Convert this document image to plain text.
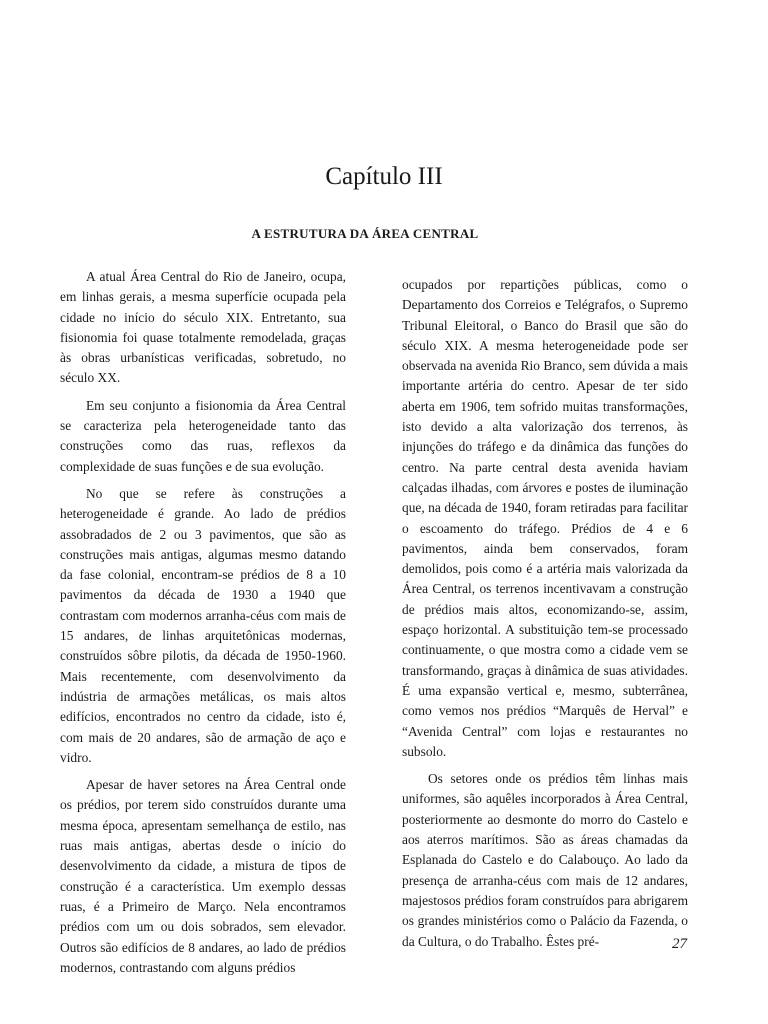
Capítulo III
A ESTRUTURA DA ÁREA CENTRAL

A atual Área Central do Rio de Janeiro, ocupa, em linhas gerais, a mesma superfície ocupada pela cidade no início do século XIX. Entretanto, sua fisionomia foi quase totalmente remodelada, graças às obras urbanísticas verificadas, sobretudo, no século XX.

Em seu conjunto a fisionomia da Área Central se caracteriza pela heterogeneidade tanto das construções como das ruas, reflexos da complexidade de suas funções e de sua evolução.

No que se refere às construções a heterogeneidade é grande. Ao lado de prédios assobradados de 2 ou 3 pavimentos, que são as construções mais antigas, algumas mesmo datando da fase colonial, encontram-se prédios de 8 a 10 pavimentos da década de 1930 a 1940 que contrastam com modernos arranha-céus com mais de 15 andares, de linhas arquitetônicas modernas, construídos sôbre pilotis, da década de 1950-1960. Mais recentemente, com desenvolvimento da indústria de armações metálicas, os mais altos edifícios, encontrados no centro da cidade, isto é, com mais de 20 andares, são de armação de aço e vidro.

Apesar de haver setores na Área Central onde os prédios, por terem sido construídos durante uma mesma época, apresentam semelhança de estilo, nas ruas mais antigas, abertas desde o início do desenvolvimento da cidade, a mistura de tipos de construção é a característica. Um exemplo dessas ruas, é a Primeiro de Março. Nela encontramos prédios com um ou dois sobrados, sem elevador. Outros são edifícios de 8 andares, ao lado de prédios modernos, contrastando com alguns prédios

ocupados por repartições públicas, como o Departamento dos Correios e Telégrafos, o Supremo Tribunal Eleitoral, o Banco do Brasil que são do século XIX. A mesma heterogeneidade pode ser observada na avenida Rio Branco, sem dúvida a mais importante artéria do centro. Apesar de ter sido aberta em 1906, tem sofrido muitas transformações, isto devido a alta valorização dos terrenos, às injunções do tráfego e da dinâmica das funções do centro. Na parte central desta avenida haviam calçadas ilhadas, com árvores e postes de iluminação que, na década de 1940, foram retiradas para facilitar o escoamento do tráfego. Prédios de 4 e 6 pavimentos, ainda bem conservados, foram demolidos, pois como é a artéria mais valorizada da Área Central, os terrenos incentivavam a construção de prédios mais altos, economizando-se, assim, espaço horizontal. A substituição tem-se processado continuamente, o que mostra como a cidade vem se transformando, graças à dinâmica de suas atividades. É uma expansão vertical e, mesmo, subterrânea, como vemos nos prédios “Marquês de Herval” e “Avenida Central” com lojas e restaurantes no subsolo.

Os setores onde os prédios têm linhas mais uniformes, são aquêles incorporados à Área Central, posteriormente ao desmonte do morro do Castelo e aos aterros marítimos. São as áreas chamadas da Esplanada do Castelo e do Calabouço. Ao lado da presença de arranha-céus com mais de 12 andares, majestosos prédios foram construídos para abrigarem os grandes ministérios como o Palácio da Fazenda, o da Cultura, o do Trabalho. Êstes pré-	27
